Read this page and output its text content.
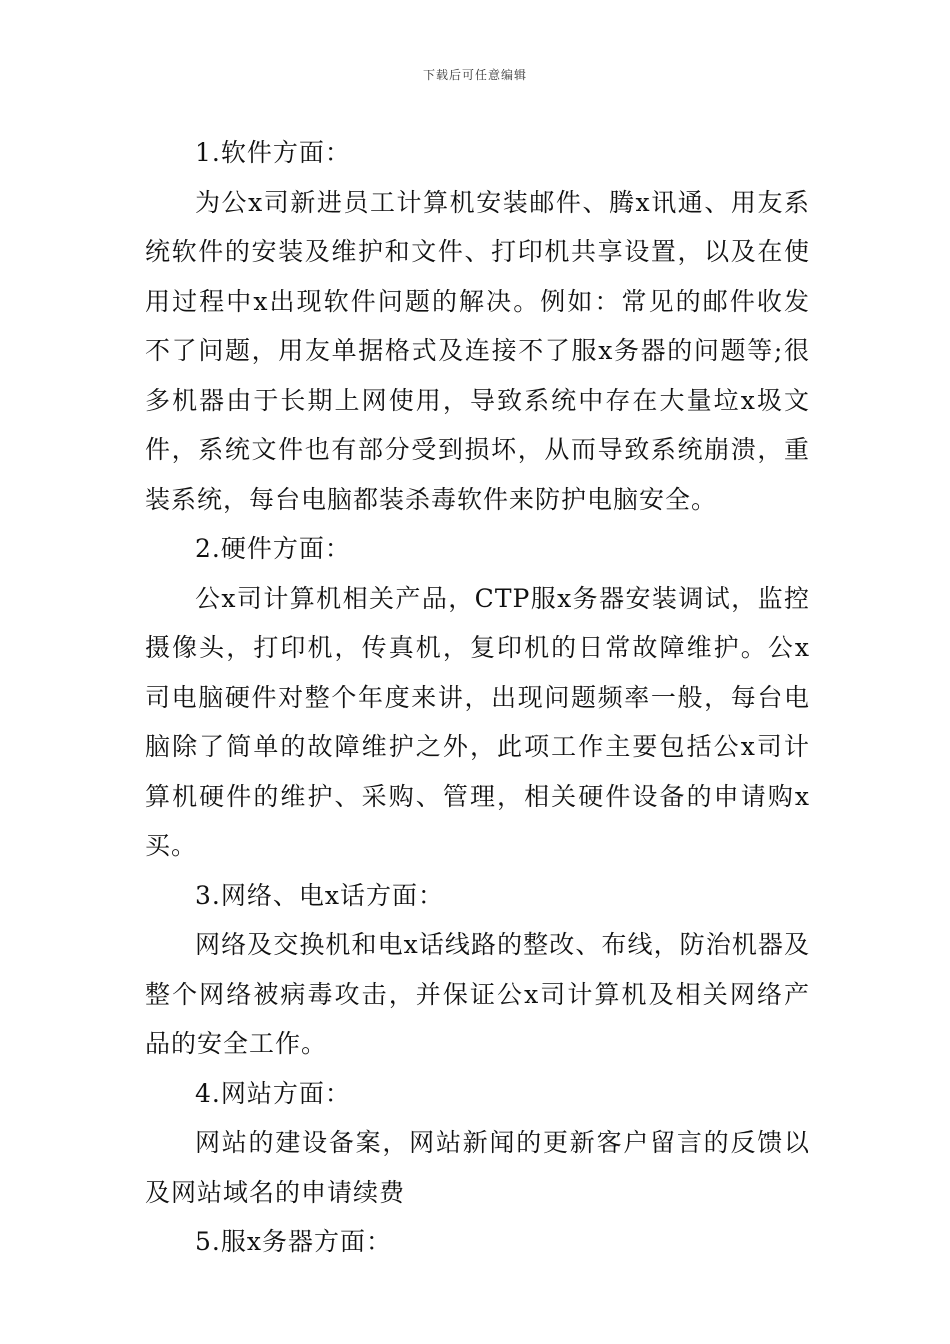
下载后可任意编辑

1.软件方面：

为公x司新进员工计算机安装邮件、腾x讯通、用友系统软件的安装及维护和文件、打印机共享设置，以及在使用过程中x出现软件问题的解决。例如：常见的邮件收发不了问题，用友单据格式及连接不了服x务器的问题等;很多机器由于长期上网使用，导致系统中存在大量垃x圾文件，系统文件也有部分受到损坏，从而导致系统崩溃，重装系统，每台电脑都装杀毒软件来防护电脑安全。

2.硬件方面：

公x司计算机相关产品，CTP服x务器安装调试，监控摄像头，打印机，传真机，复印机的日常故障维护。公x司电脑硬件对整个年度来讲，出现问题频率一般，每台电脑除了简单的故障维护之外，此项工作主要包括公x司计算机硬件的维护、采购、管理，相关硬件设备的申请购x买。

3.网络、电x话方面：

网络及交换机和电x话线路的整改、布线，防治机器及整个网络被病毒攻击，并保证公x司计算机及相关网络产品的安全工作。

4.网站方面：

网站的建设备案，网站新闻的更新客户留言的反馈以及网站域名的申请续费

5.服x务器方面：
